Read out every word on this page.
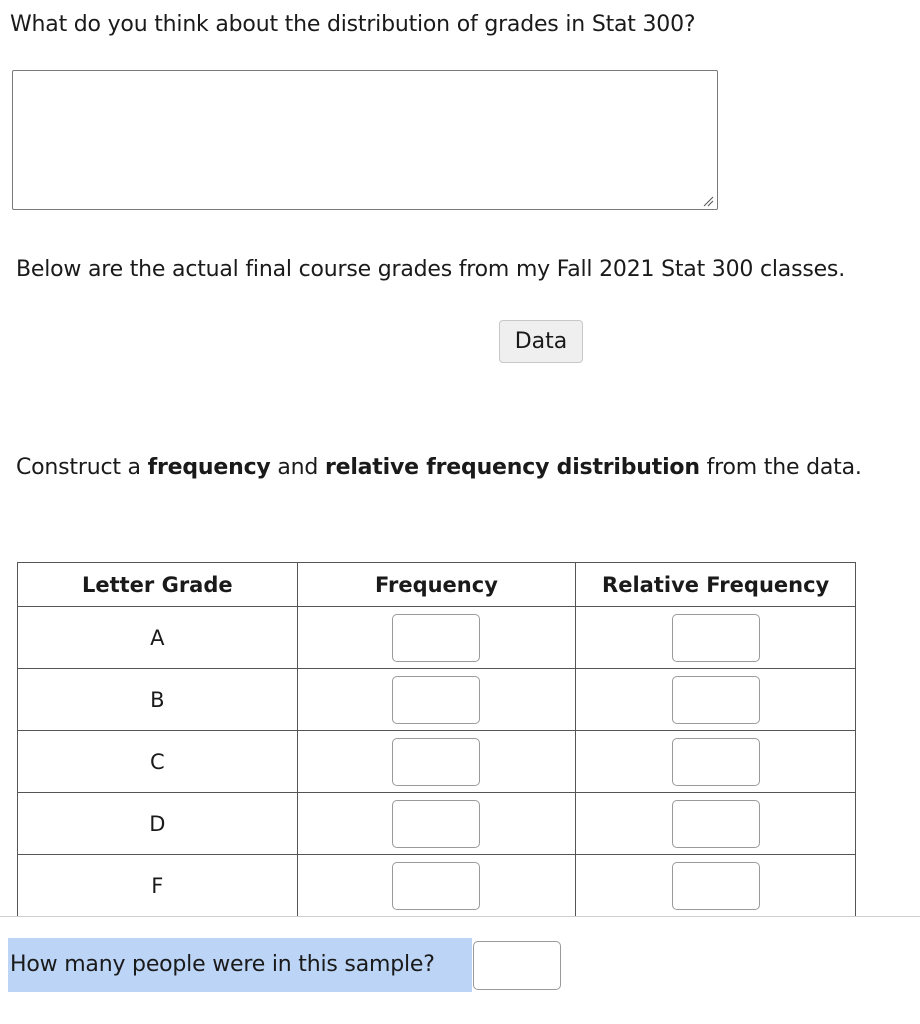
What do you think about the distribution of grades in Stat 300?
Below are the actual final course grades from my Fall 2021 Stat 300 classes.
Data
Construct a frequency and relative frequency distribution from the data.
Letter Grade	Frequency	Relative Frequency
A		
B		
C		
D		
F		
How many people were in this sample?
